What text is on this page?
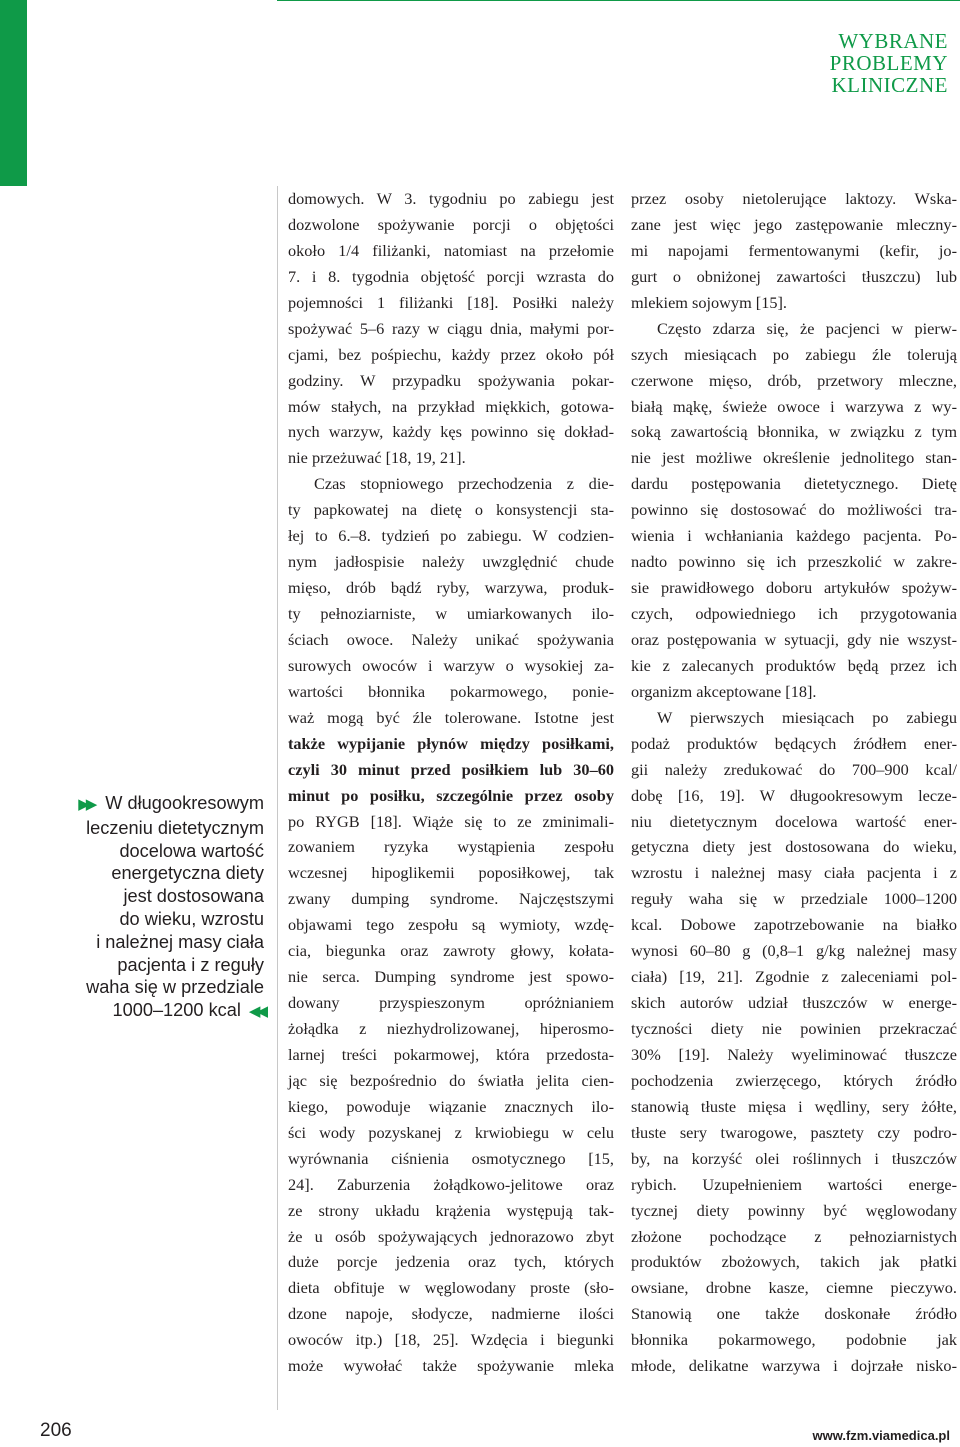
WYBRANE
PROBLEMY
KLINICZNE
▶▶ W długookresowym
leczeniu dietetycznym
docelowa wartość
energetyczna diety
jest dostosowana
do wieku, wzrostu
i należnej masy ciała
pacjenta i z reguły
waha się w przedziale
1000–1200 kcal ◀◀
domowych. W 3. tygodniu po zabiegu jest
dozwolone spożywanie porcji o objętości
około 1/4 filiżanki, natomiast na przełomie
7. i 8. tygodnia objętość porcji wzrasta do
pojemności 1 filiżanki [18]. Posiłki należy
spożywać 5–6 razy w ciągu dnia, małymi por-
cjami, bez pośpiechu, każdy przez około pół
godziny. W przypadku spożywania pokar-
mów stałych, na przykład miękkich, gotowa-
nych warzyw, każdy kęs powinno się dokład-
nie przeżuwać [18, 19, 21].
Czas stopniowego przechodzenia z die-
ty papkowatej na dietę o konsystencji sta-
łej to 6.–8. tydzień po zabiegu. W codzien-
nym jadłospisie należy uwzględnić chude
mięso, drób bądź ryby, warzywa, produk-
ty pełnoziarniste, w umiarkowanych ilo-
ściach owoce. Należy unikać spożywania
surowych owoców i warzyw o wysokiej za-
wartości błonnika pokarmowego, ponie-
waż mogą być źle tolerowane. Istotne jest
także wypijanie płynów między posiłkami,
czyli 30 minut przed posiłkiem lub 30–60
minut po posiłku, szczególnie przez osoby
po RYGB [18]. Wiąże się to ze zminimali-
zowaniem ryzyka wystąpienia zespołu
wczesnej hipoglikemii poposiłkowej, tak
zwany dumping syndrome. Najczęstszymi
objawami tego zespołu są wymioty, wzdę-
cia, biegunka oraz zawroty głowy, kołata-
nie serca. Dumping syndrome jest spowo-
dowany przyspieszonym opróżnianiem
żołądka z niezhydrolizowanej, hiperosmo-
larnej treści pokarmowej, która przedosta-
jąc się bezpośrednio do światła jelita cien-
kiego, powoduje wiązanie znacznych ilo-
ści wody pozyskanej z krwiobiegu w celu
wyrównania ciśnienia osmotycznego [15,
24]. Zaburzenia żołądkowo-jelitowe oraz
ze strony układu krążenia występują tak-
że u osób spożywających jednorazowo zbyt
duże porcje jedzenia oraz tych, których
dieta obfituje w węglowodany proste (sło-
dzone napoje, słodycze, nadmierne ilości
owoców itp.) [18, 25]. Wzdęcia i biegunki
może wywołać także spożywanie mleka
przez osoby nietolerujące laktozy. Wska-
zane jest więc jego zastępowanie mleczny-
mi napojami fermentowanymi (kefir, jo-
gurt o obniżonej zawartości tłuszczu) lub
mlekiem sojowym [15].
Często zdarza się, że pacjenci w pierw-
szych miesiącach po zabiegu źle tolerują
czerwone mięso, drób, przetwory mleczne,
białą mąkę, świeże owoce i warzywa z wy-
soką zawartością błonnika, w związku z tym
nie jest możliwe określenie jednolitego stan-
dardu postępowania dietetycznego. Dietę
powinno się dostosować do możliwości tra-
wienia i wchłaniania każdego pacjenta. Po-
nadto powinno się ich przeszkolić w zakre-
sie prawidłowego doboru artykułów spożyw-
czych, odpowiedniego ich przygotowania
oraz postępowania w sytuacji, gdy nie wszyst-
kie z zalecanych produktów będą przez ich
organizm akceptowane [18].
W pierwszych miesiącach po zabiegu
podaż produktów będących źródłem ener-
gii należy zredukować do 700–900 kcal/
dobę [16, 19]. W długookresowym lecze-
niu dietetycznym docelowa wartość ener-
getyczna diety jest dostosowana do wieku,
wzrostu i należnej masy ciała pacjenta i z
reguły waha się w przedziale 1000–1200
kcal. Dobowe zapotrzebowanie na białko
wynosi 60–80 g (0,8–1 g/kg należnej masy
ciała) [19, 21]. Zgodnie z zaleceniami pol-
skich autorów udział tłuszczów w energe-
tyczności diety nie powinien przekraczać
30% [19]. Należy wyeliminować tłuszcze
pochodzenia zwierzęcego, których źródło
stanowią tłuste mięsa i wędliny, sery żółte,
tłuste sery twarogowe, pasztety czy podro-
by, na korzyść olei roślinnych i tłuszczów
rybich. Uzupełnieniem wartości energe-
tycznej diety powinny być węglowodany
złożone pochodzące z pełnoziarnistych
produktów zbożowych, takich jak płatki
owsiane, drobne kasze, ciemne pieczywo.
Stanowią one także doskonałe źródło
błonnika pokarmowego, podobnie jak
młode, delikatne warzywa i dojrzałe nisko-
206	www.fzm.viamedica.pl
